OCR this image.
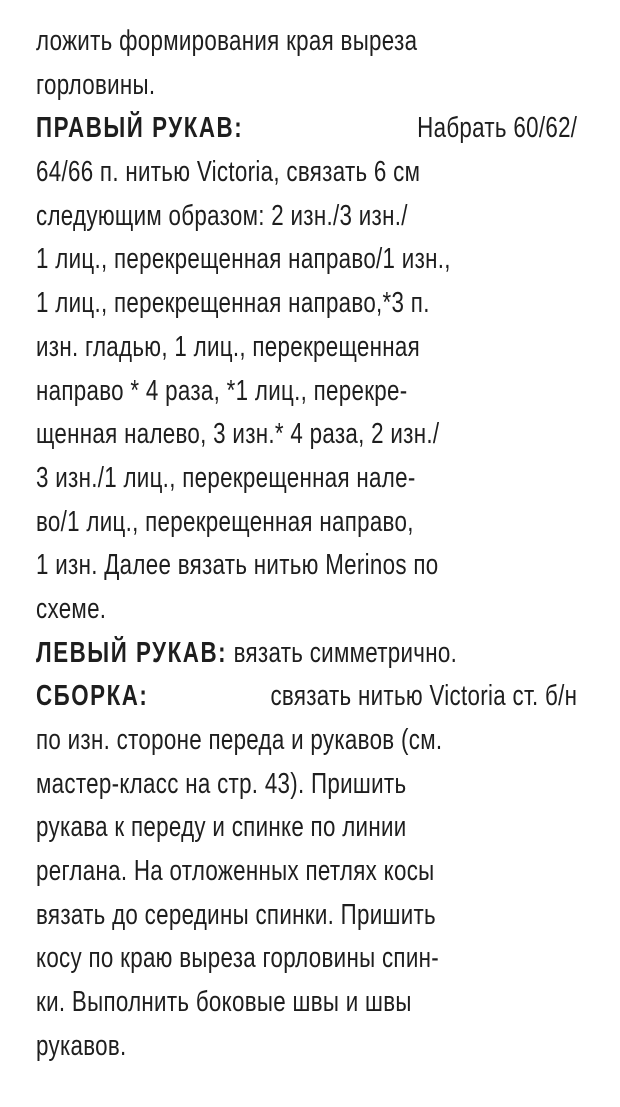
ложить формирования края выреза
горловины.
ПРАВЫЙ РУКАВ:	Набрать 60/62/
64/66 п. нитью Victoria, связать 6 см
следующим образом: 2 изн./3 изн./
1 лиц., перекрещенная направо/1 изн.,
1 лиц., перекрещенная направо,*3 п.
изн. гладью, 1 лиц., перекрещенная
направо * 4 раза, *1 лиц., перекре-
щенная налево, 3 изн.* 4 раза, 2 изн./
3 изн./1 лиц., перекрещенная нале-
во/1 лиц., перекрещенная направо,
1 изн. Далее вязать нитью Merinos по
схеме.
ЛЕВЫЙ РУКАВ: вязать симметрично.
СБОРКА:	связать нитью Victoria ст. б/н
по изн. стороне переда и рукавов (см.
мастер-класс на стр. 43). Пришить
рукава к переду и спинке по линии
реглана. На отложенных петлях косы
вязать до середины спинки. Пришить
косу по краю выреза горловины спин-
ки. Выполнить боковые швы и швы
рукавов.
